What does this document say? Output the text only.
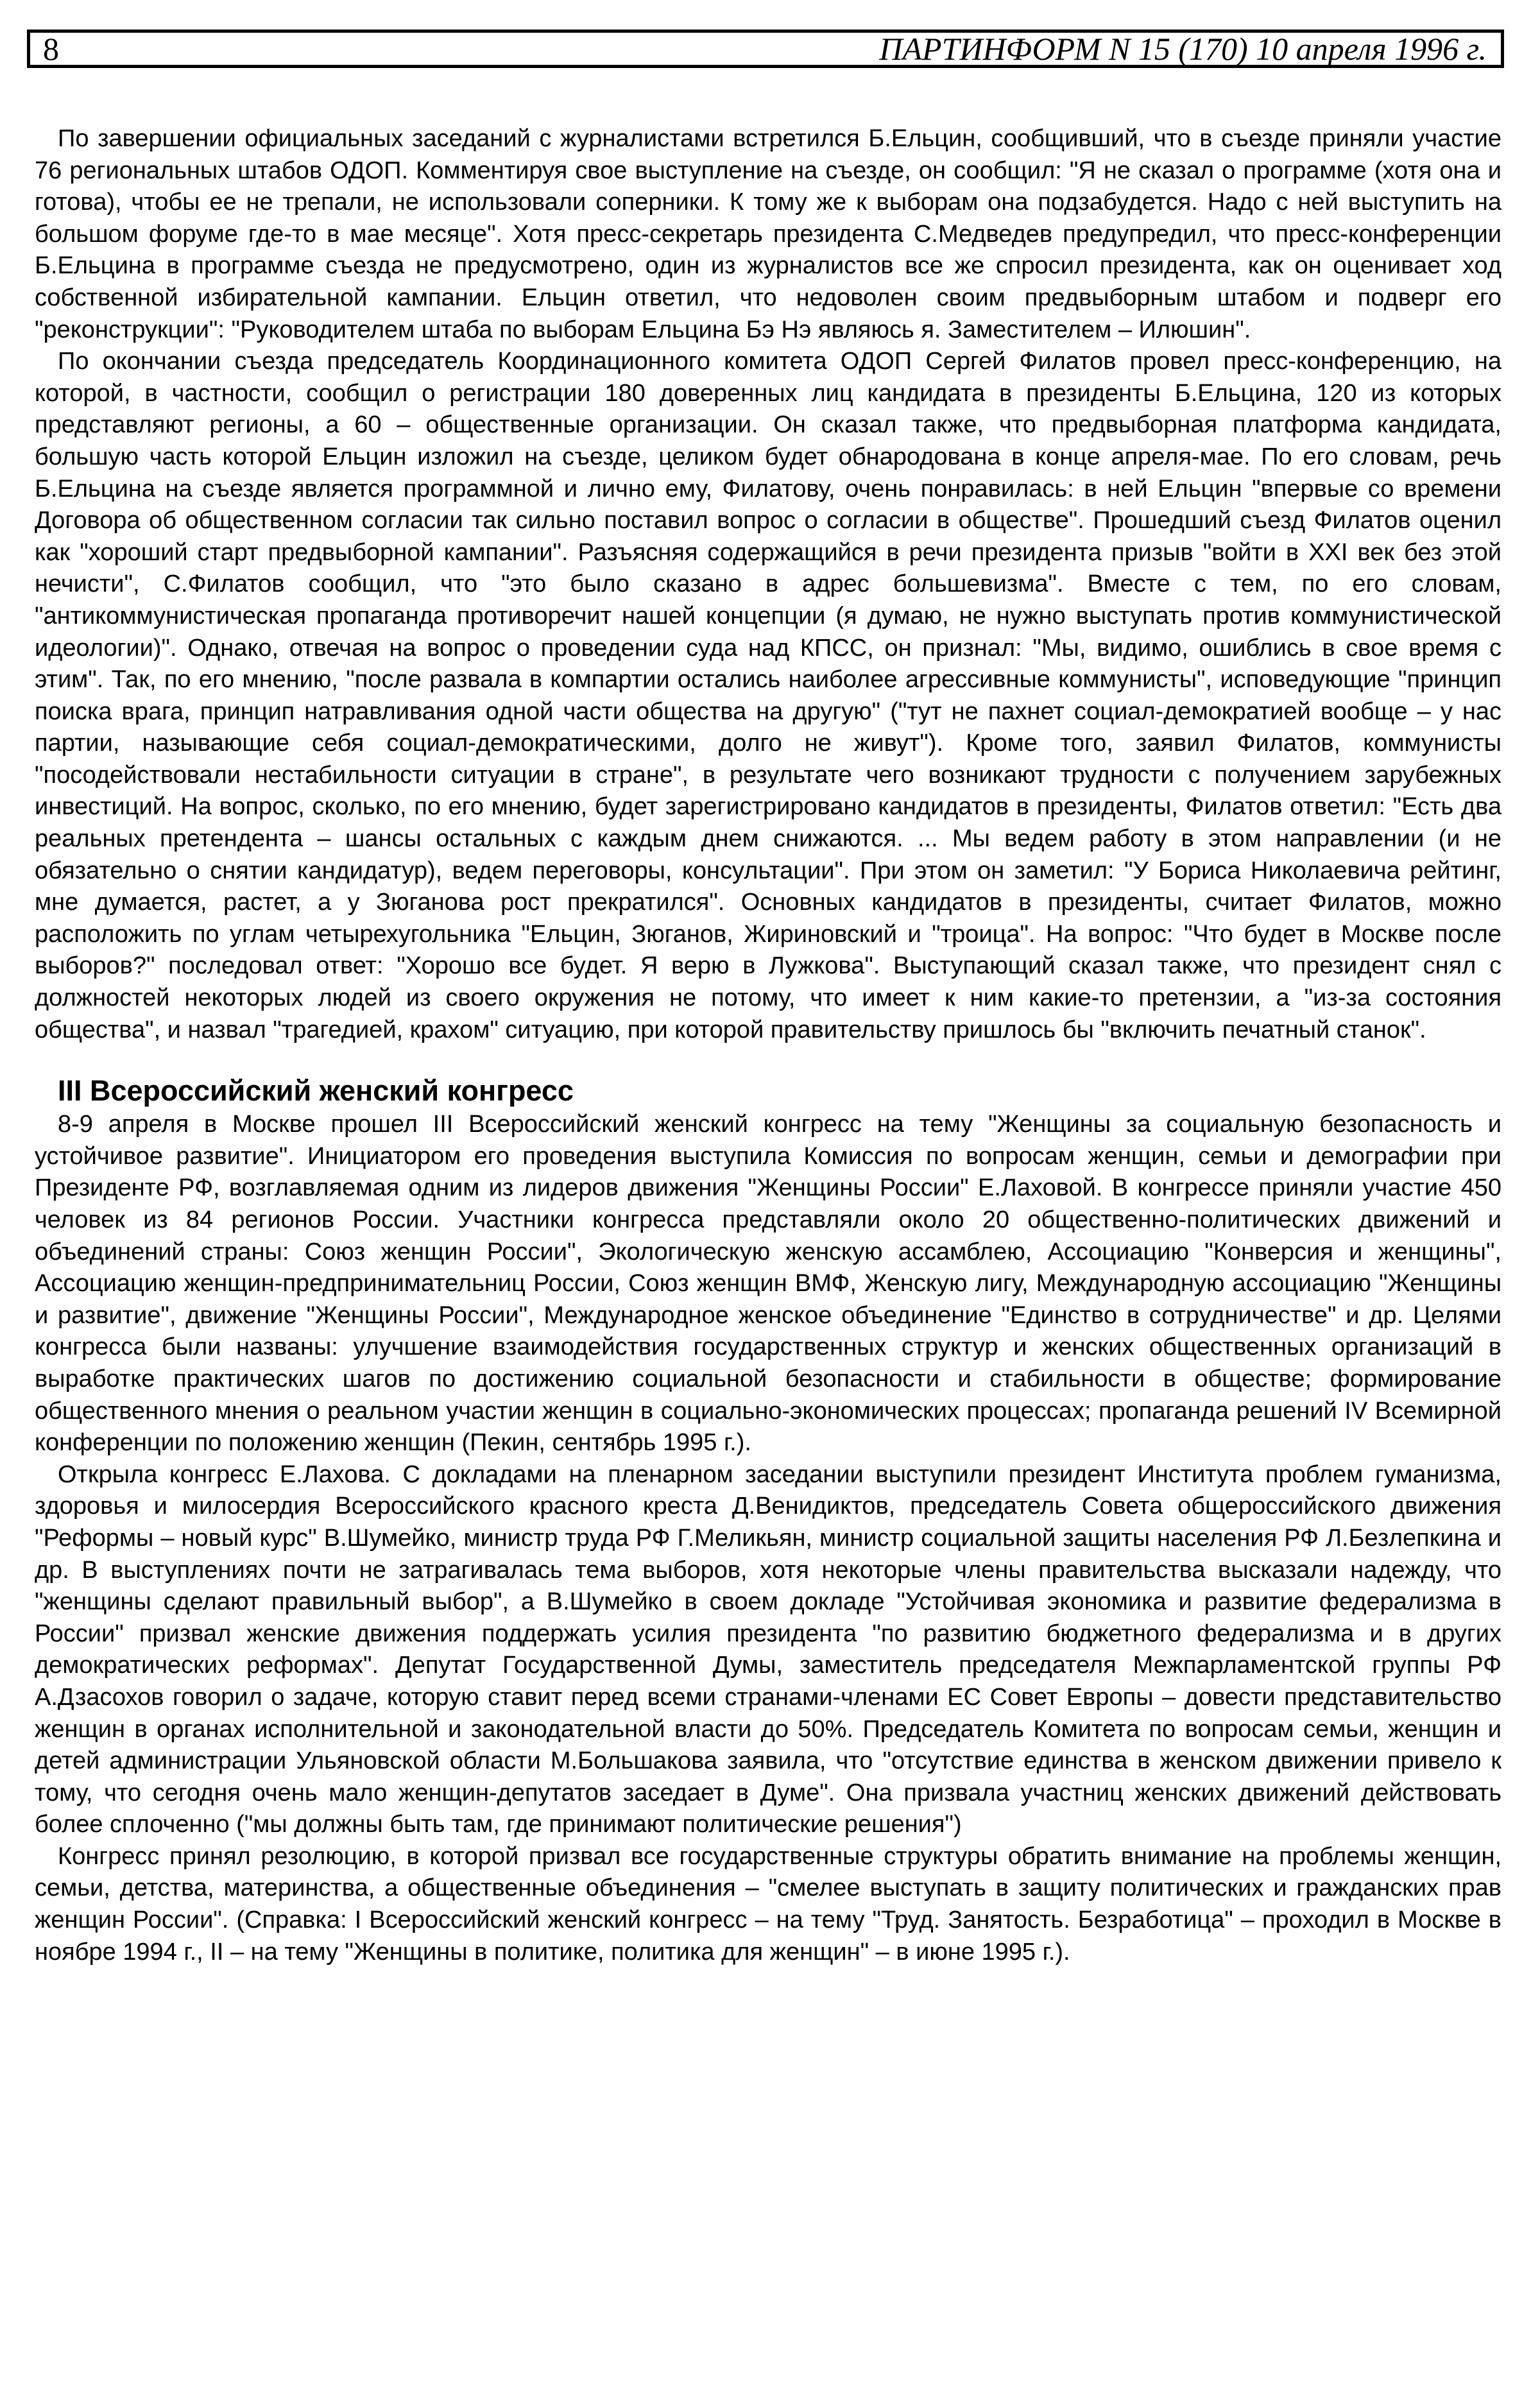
8	ПАРТИНФОРМ N 15 (170) 10 апреля 1996 г.

По завершении официальных заседаний с журналистами встретился Б.Ельцин, сообщивший, что в съезде приняли участие 76 региональных штабов ОДОП. Комментируя свое выступление на съезде, он сообщил: "Я не сказал о программе (хотя она и готова), чтобы ее не трепали, не использовали соперники. К тому же к выборам она подзабудется. Надо с ней выступить на большом форуме где-то в мае месяце". Хотя пресс-секретарь президента С.Медведев предупредил, что пресс-конференции Б.Ельцина в программе съезда не предусмотрено, один из журналистов все же спросил президента, как он оценивает ход собственной избирательной кампании. Ельцин ответил, что недоволен своим предвыборным штабом и подверг его "реконструкции": "Руководителем штаба по выборам Ельцина Бэ Нэ являюсь я. Заместителем – Илюшин".

По окончании съезда председатель Координационного комитета ОДОП Сергей Филатов провел пресс-конференцию, на которой, в частности, сообщил о регистрации 180 доверенных лиц кандидата в президенты Б.Ельцина, 120 из которых представляют регионы, а 60 – общественные организации. Он сказал также, что предвыборная платформа кандидата, большую часть которой Ельцин изложил на съезде, целиком будет обнародована в конце апреля-мае. По его словам, речь Б.Ельцина на съезде является программной и лично ему, Филатову, очень понравилась: в ней Ельцин "впервые со времени Договора об общественном согласии так сильно поставил вопрос о согласии в обществе". Прошедший съезд Филатов оценил как "хороший старт предвыборной кампании". Разъясняя содержащийся в речи президента призыв "войти в XXI век без этой нечисти", С.Филатов сообщил, что "это было сказано в адрес большевизма". Вместе с тем, по его словам, "антикоммунистическая пропаганда противоречит нашей концепции (я думаю, не нужно выступать против коммунистической идеологии)". Однако, отвечая на вопрос о проведении суда над КПСС, он признал: "Мы, видимо, ошиблись в свое время с этим". Так, по его мнению, "после развала в компартии остались наиболее агрессивные коммунисты", исповедующие "принцип поиска врага, принцип натравливания одной части общества на другую" ("тут не пахнет социал-демократией вообще – у нас партии, называющие себя социал-демократическими, долго не живут"). Кроме того, заявил Филатов, коммунисты "посодействовали нестабильности ситуации в стране", в результате чего возникают трудности с получением зарубежных инвестиций. На вопрос, сколько, по его мнению, будет зарегистрировано кандидатов в президенты, Филатов ответил: "Есть два реальных претендента – шансы остальных с каждым днем снижаются. ... Мы ведем работу в этом направлении (и не обязательно о снятии кандидатур), ведем переговоры, консультации". При этом он заметил: "У Бориса Николаевича рейтинг, мне думается, растет, а у Зюганова рост прекратился". Основных кандидатов в президенты, считает Филатов, можно расположить по углам четырехугольника "Ельцин, Зюганов, Жириновский и "троица". На вопрос: "Что будет в Москве после выборов?" последовал ответ: "Хорошо все будет. Я верю в Лужкова". Выступающий сказал также, что президент снял с должностей некоторых людей из своего окружения не потому, что имеет к ним какие-то претензии, а "из-за состояния общества", и назвал "трагедией, крахом" ситуацию, при которой правительству пришлось бы "включить печатный станок".

III Всероссийский женский конгресс

8-9 апреля в Москве прошел III Всероссийский женский конгресс на тему "Женщины за социальную безопасность и устойчивое развитие". Инициатором его проведения выступила Комиссия по вопросам женщин, семьи и демографии при Президенте РФ, возглавляемая одним из лидеров движения "Женщины России" Е.Лаховой. В конгрессе приняли участие 450 человек из 84 регионов России. Участники конгресса представляли около 20 общественно-политических движений и объединений страны: Союз женщин России", Экологическую женскую ассамблею, Ассоциацию "Конверсия и женщины", Ассоциацию женщин-предпринимательниц России, Союз женщин ВМФ, Женскую лигу, Международную ассоциацию "Женщины и развитие", движение "Женщины России", Международное женское объединение "Единство в сотрудничестве" и др. Целями конгресса были названы: улучшение взаимодействия государственных структур и женских общественных организаций в выработке практических шагов по достижению социальной безопасности и стабильности в обществе; формирование общественного мнения о реальном участии женщин в социально-экономических процессах; пропаганда решений IV Всемирной конференции по положению женщин (Пекин, сентябрь 1995 г.).

Открыла конгресс Е.Лахова. С докладами на пленарном заседании выступили президент Института проблем гуманизма, здоровья и милосердия Всероссийского красного креста Д.Венидиктов, председатель Совета общероссийского движения "Реформы – новый курс" В.Шумейко, министр труда РФ Г.Меликьян, министр социальной защиты населения РФ Л.Безлепкина и др. В выступлениях почти не затрагивалась тема выборов, хотя некоторые члены правительства высказали надежду, что "женщины сделают правильный выбор", а В.Шумейко в своем докладе "Устойчивая экономика и развитие федерализма в России" призвал женские движения поддержать усилия президента "по развитию бюджетного федерализма и в других демократических реформах". Депутат Государственной Думы, заместитель председателя Межпарламентской группы РФ А.Дзасохов говорил о задаче, которую ставит перед всеми странами-членами ЕС Совет Европы – довести представительство женщин в органах исполнительной и законодательной власти до 50%. Председатель Комитета по вопросам семьи, женщин и детей администрации Ульяновской области М.Большакова заявила, что "отсутствие единства в женском движении привело к тому, что сегодня очень мало женщин-депутатов заседает в Думе". Она призвала участниц женских движений действовать более сплоченно ("мы должны быть там, где принимают политические решения")

Конгресс принял резолюцию, в которой призвал все государственные структуры обратить внимание на проблемы женщин, семьи, детства, материнства, а общественные объединения – "смелее выступать в защиту политических и гражданских прав женщин России". (Справка: I Всероссийский женский конгресс – на тему "Труд. Занятость. Безработица" – проходил в Москве в ноябре 1994 г., II – на тему "Женщины в политике, политика для женщин" – в июне 1995 г.).
